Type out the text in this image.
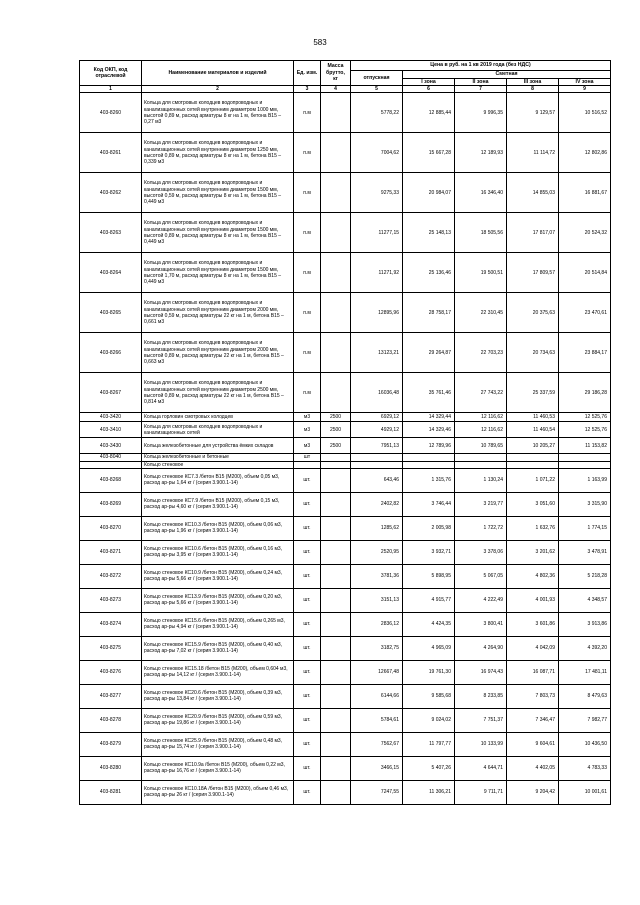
583
Код ОКП, код отраслевой	Наименование материалов и изделий	Ед. изм.	Масса брутто, кг	Цена в руб. на 1 кв 2019 года (без НДС)				
				отпускная	Сметная			
					I зона	II зона	III зона	IV зона
1	2	3	4	5	6	7	8	9
403-8260	Кольца для смотровых колодцев водопроводных и канализационных сетей внутренним диаметром 1000 мм, высотой 0,89 м, расход арматуры 8 кг на 1 м, бетона В15 – 0,27 м3	п.м		5778,22	12 885,44	9 996,35	9 129,57	10 516,52
403-8261	Кольца для смотровых колодцев водопроводных и канализационных сетей внутренним диаметром 1250 мм, высотой 0,89 м, расход арматуры 8 кг на 1 м, бетона В15 – 0,339 м3	п.м		7004,62	15 667,28	12 189,93	11 114,72	12 802,86
403-8262	Кольца для смотровых колодцев водопроводных и канализационных сетей внутренним диаметром 1500 мм, высотой 0,59 м, расход арматуры 8 кг на 1 м, бетона В15 – 0,449 м3	п.м		9275,33	20 984,07	16 346,40	14 855,03	16 881,67
403-8263	Кольца для смотровых колодцев водопроводных и канализационных сетей внутренним диаметром 1500 мм, высотой 0,89 м, расход арматуры 8 кг на 1 м, бетона В15 – 0,449 м3	п.м		11277,15	25 148,13	18 505,56	17 817,07	20 524,32
403-8264	Кольца для смотровых колодцев водопроводных и канализационных сетей внутренним диаметром 1500 мм, высотой 1,70 м, расход арматуры 8 кг на 1 м, бетона В15 – 0,449 м3	п.м		11271,92	25 136,46	19 500,51	17 809,57	20 514,84
403-8265	Кольца для смотровых колодцев водопроводных и канализационных сетей внутренним диаметром 2000 мм, высотой 0,59 м, расход арматуры 22 кг на 1 м, бетона В15 – 0,661 м3	п.м		12895,96	28 758,17	22 310,45	20 375,63	23 470,61
403-8266	Кольца для смотровых колодцев водопроводных и канализационных сетей внутренним диаметром 2000 мм, высотой 0,89 м, расход арматуры 22 кг на 1 м, бетона В15 – 0,663 м3	п.м		13123,21	29 264,87	22 703,23	20 734,63	23 884,17
403-8267	Кольца для смотровых колодцев водопроводных и канализационных сетей внутренним диаметром 2500 мм, высотой 0,89 м, расход арматуры 22 кг на 1 м, бетона В15 – 0,814 м3	п.м		16036,48	35 761,46	27 743,22	25 337,59	29 186,28
403-3420	Кольца горловин смотровых колодцев	м3	2500	6929,12	14 329,44	12 116,62	11 460,53	12 525,76
403-3410	Кольца для смотровых колодцев водопроводных и канализационных сетей	м3	2500	4929,12	14 329,46	12 116,62	11 460,54	12 525,76
403-3430	Кольца железобетонные для устройства ёмких складов	м3	2500	7951,13	12 789,96	10 789,65	10 205,27	11 153,82
403-8040	Кольца железобетонные и бетонные	шт						
	Кольцо стеновое							
403-8268	Кольцо стеновое КС7.3 /бетон В15 (М200), объем 0,05 м3, расход ар-ры 1,64 кг / (серия 3.900.1-14)	шт.		643,46	1 315,76	1 130,24	1 071,22	1 163,99
403-8269	Кольцо стеновое КС7.9 /бетон В15 (М200), объем 0,15 м3, расход ар-ры 4,60 кг / (серия 3.900.1-14)	шт.		2402,82	3 746,44	3 219,77	3 051,60	3 315,90
403-8270	Кольцо стеновое КС10.3 /бетон В15 (М200), объем 0,06 м3, расход ар-ры 1,96 кг / (серия 3.900.1-14)	шт.		1285,62	2 005,98	1 722,72	1 632,76	1 774,15
403-8271	Кольцо стеновое КС10.6 /бетон В15 (М200), объем 0,16 м3, расход ар-ры 3,95 кг / (серия 3.900.1-14)	шт.		2520,95	3 932,71	3 378,06	3 201,62	3 478,91
403-8272	Кольцо стеновое КС10.9 /бетон В15 (М200), объем 0,24 м3, расход ар-ры 5,66 кг / (серия 3.900.1-14)	шт.		3781,36	5 898,95	5 067,05	4 802,36	5 218,28
403-8273	Кольцо стеновое КС13.9 /бетон В15 (М200), объем 0,20 м3, расход ар-ры 5,66 кг / (серия 3.900.1-14)	шт.		3151,13	4 915,77	4 222,49	4 001,93	4 348,57
403-8274	Кольцо стеновое КС15.6 /бетон В15 (М200), объем 0,265 м3, расход ар-ры 4,94 кг / (серия 3.900.1-14)	шт.		2836,12	4 424,35	3 800,41	3 601,86	3 913,86
403-8275	Кольцо стеновое КС15.9 /бетон В15 (М200), объем 0,40 м3, расход ар-ры 7,02 кг / (серия 3.900.1-14)	шт.		3182,75	4 965,09	4 264,90	4 042,09	4 392,20
403-8276	Кольцо стеновое КС15.18 /бетон В15 (М200), объем 0,604 м3, расход ар-ры 14,12 кг / (серия 3.900.1-14)	шт.		12667,48	19 761,30	16 974,43	16 087,71	17 481,11
403-8277	Кольцо стеновое КС20.6 /бетон В15 (М200), объем 0,39 м3, расход ар-ры 13,84 кг / (серия 3.900.1-14)	шт.		6144,66	9 585,68	8 233,85	7 803,73	8 479,63
403-8278	Кольцо стеновое КС20.9 /бетон В15 (М200), объем 0,59 м3, расход ар-ры 19,86 кг / (серия 3.900.1-14)	шт.		5784,61	9 024,02	7 751,37	7 346,47	7 982,77
403-8279	Кольцо стеновое КС25.9 /бетон В15 (М200), объем 0,48 м3, расход ар-ры 15,74 кг / (серия 3.900.1-14)	шт.		7562,67	11 797,77	10 133,99	9 604,61	10 436,50
403-8280	Кольцо стеновое КС10.9а /бетон В15 (М200), объем 0,22 м3, расход ар-ры 16,76 кг / (серия 3.900.1-14)	шт.		3466,15	5 407,26	4 644,71	4 402,05	4 783,33
403-8281	Кольцо стеновое КС10.18А /бетон В15 (М200), объем 0,46 м3, расход ар-ры 26 кг / (серия 3.900.1-14)	шт.		7247,55	11 306,21	9 711,71	9 204,42	10 001,61
